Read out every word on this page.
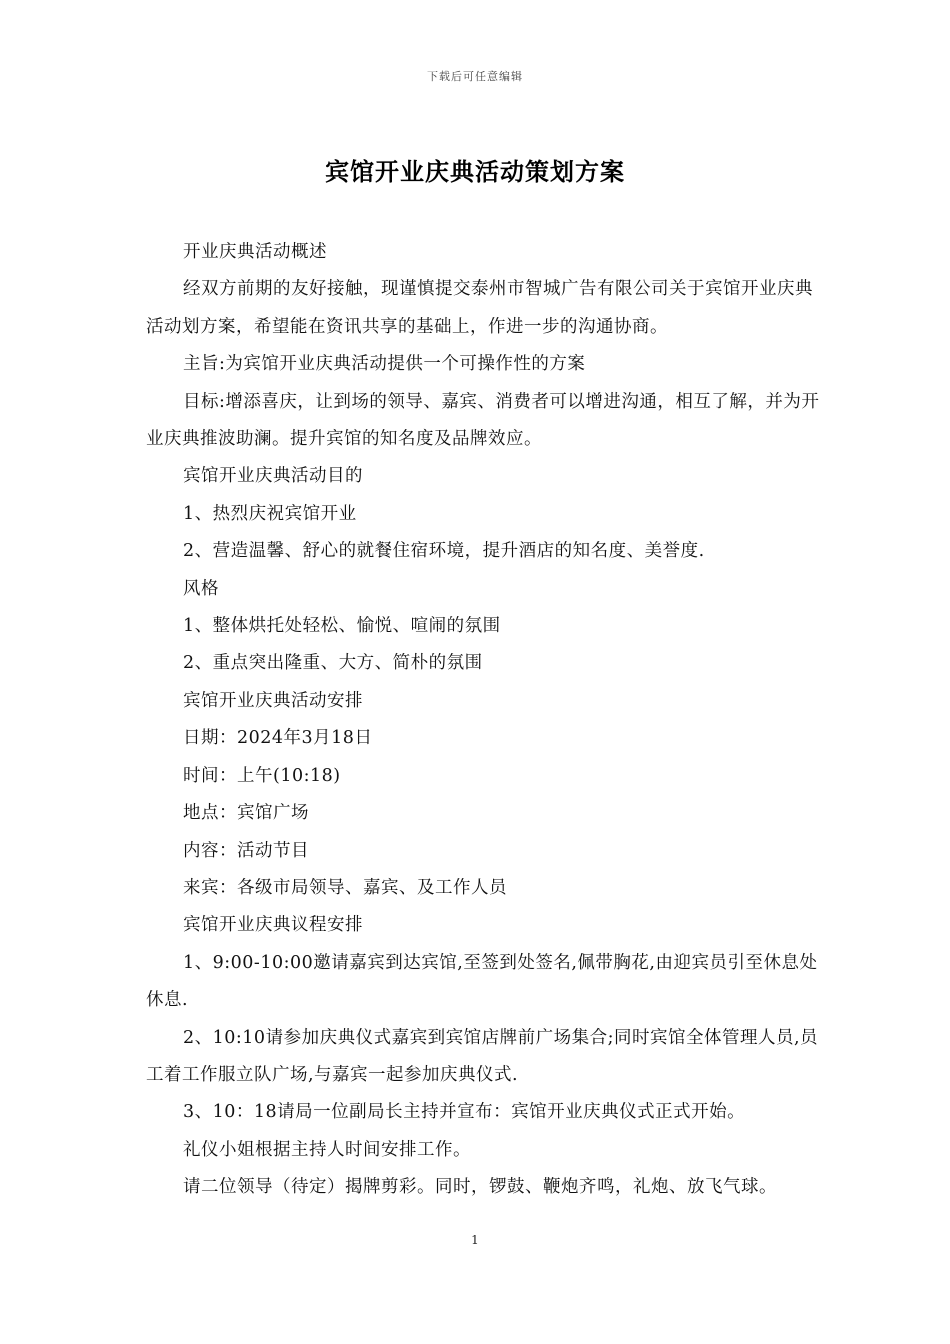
下载后可任意编辑
宾馆开业庆典活动策划方案

开业庆典活动概述

经双方前期的友好接触，现谨慎提交泰州市智城广告有限公司关于宾馆开业庆典活动划方案，希望能在资讯共享的基础上，作进一步的沟通协商。

主旨:为宾馆开业庆典活动提供一个可操作性的方案

目标:增添喜庆，让到场的领导、嘉宾、消费者可以增进沟通，相互了解，并为开业庆典推波助澜。提升宾馆的知名度及品牌效应。

宾馆开业庆典活动目的

1、热烈庆祝宾馆开业

2、营造温馨、舒心的就餐住宿环境，提升酒店的知名度、美誉度.

风格

1、整体烘托处轻松、愉悦、喧闹的氛围

2、重点突出隆重、大方、简朴的氛围

宾馆开业庆典活动安排

日期：2024年3月18日

时间：上午(10:18)

地点：宾馆广场

内容：活动节目

来宾：各级市局领导、嘉宾、及工作人员

宾馆开业庆典议程安排

1、9:00-10:00邀请嘉宾到达宾馆,至签到处签名,佩带胸花,由迎宾员引至休息处休息.

2、10:10请参加庆典仪式嘉宾到宾馆店牌前广场集合;同时宾馆全体管理人员,员工着工作服立队广场,与嘉宾一起参加庆典仪式.

3、10：18请局一位副局长主持并宣布：宾馆开业庆典仪式正式开始。

礼仪小姐根据主持人时间安排工作。

请二位领导（待定）揭牌剪彩。同时，锣鼓、鞭炮齐鸣，礼炮、放飞气球。

1
